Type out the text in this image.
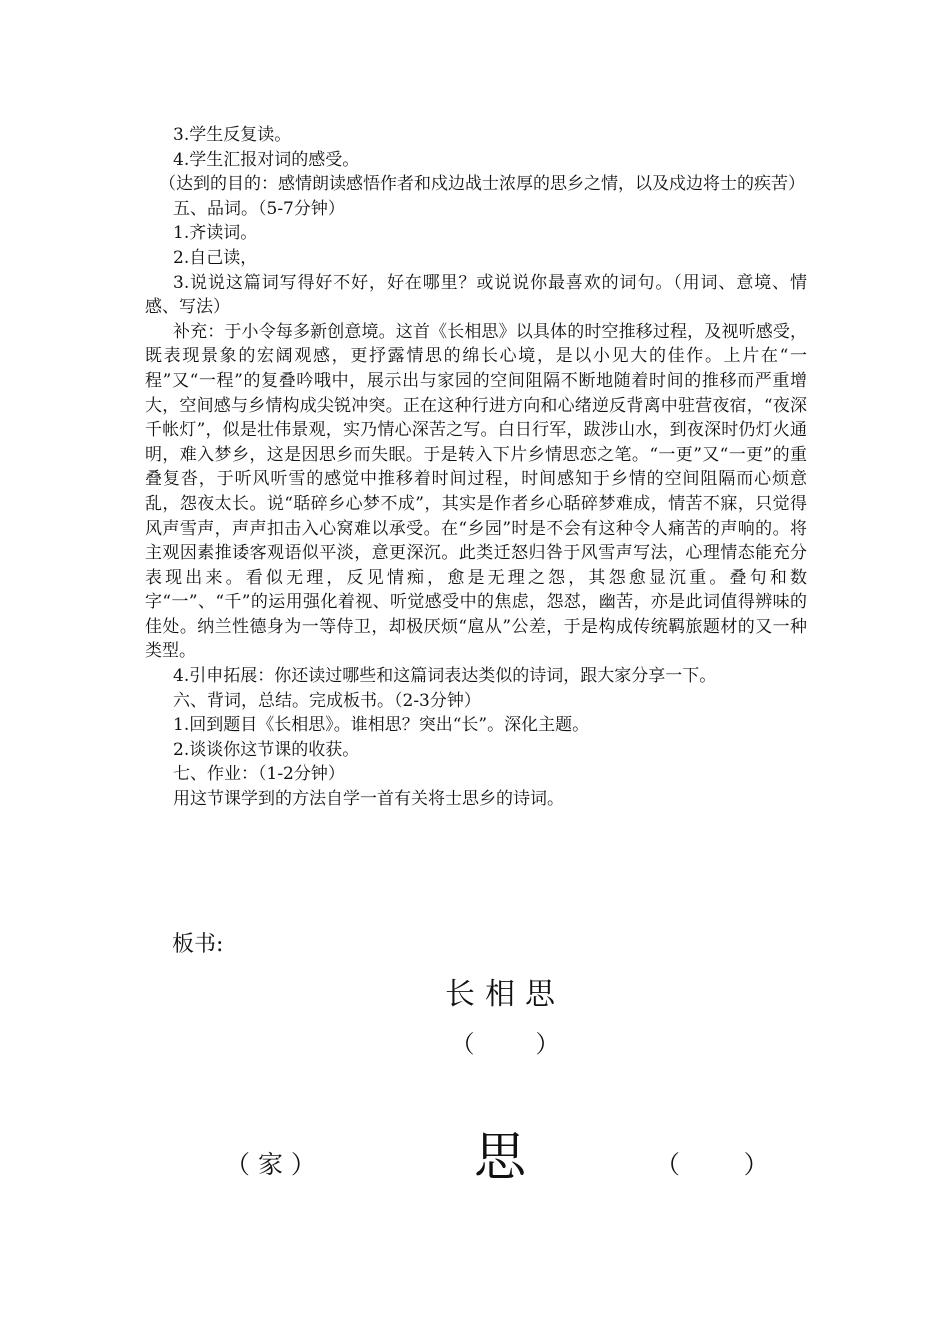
3.学生反复读。

4.学生汇报对词的感受。

（达到的目的：感情朗读感悟作者和戍边战士浓厚的思乡之情，以及戍边将士的疾苦）

五、品词。（5-7分钟）

1.齐读词。

2.自己读，

3.说说这篇词写得好不好，好在哪里？或说说你最喜欢的词句。（用词、意境、情感、写法）

补充：于小令每多新创意境。这首《长相思》以具体的时空推移过程，及视听感受，既表现景象的宏阔观感，更抒露情思的绵长心境，是以小见大的佳作。上片在“一程”又“一程”的复叠吟哦中，展示出与家园的空间阻隔不断地随着时间的推移而严重增大，空间感与乡情构成尖锐冲突。正在这种行进方向和心绪逆反背离中驻营夜宿，“夜深千帐灯”，似是壮伟景观，实乃情心深苦之写。白日行军，跋涉山水，到夜深时仍灯火通明，难入梦乡，这是因思乡而失眠。于是转入下片乡情思恋之笔。“一更”又“一更”的重叠复沓，于听风听雪的感觉中推移着时间过程，时间感知于乡情的空间阻隔而心烦意乱，怨夜太长。说“聒碎乡心梦不成”，其实是作者乡心聒碎梦难成，情苦不寐，只觉得风声雪声，声声扣击入心窝难以承受。在“乡园”时是不会有这种令人痛苦的声响的。将主观因素推诿客观语似平淡，意更深沉。此类迁怒归咎于风雪声写法，心理情态能充分表现出来。看似无理，反见情痴，愈是无理之怨，其怨愈显沉重。叠句和数字“一”、“千”的运用强化着视、听觉感受中的焦虑，怨怼，幽苦，亦是此词值得辨味的佳处。纳兰性德身为一等侍卫，却极厌烦“扈从”公差，于是构成传统羁旅题材的又一种类型。

4.引申拓展：你还读过哪些和这篇词表达类似的诗词，跟大家分享一下。

六、背词，总结。完成板书。（2-3分钟）

1.回到题目《长相思》。谁相思？突出“长”。深化主题。

2.谈谈你这节课的收获。

七、作业：（1-2分钟）

用这节课学到的方法自学一首有关将士思乡的诗词。

板书:
长相思
（        ）
思
（ 家 ）	（        ）
